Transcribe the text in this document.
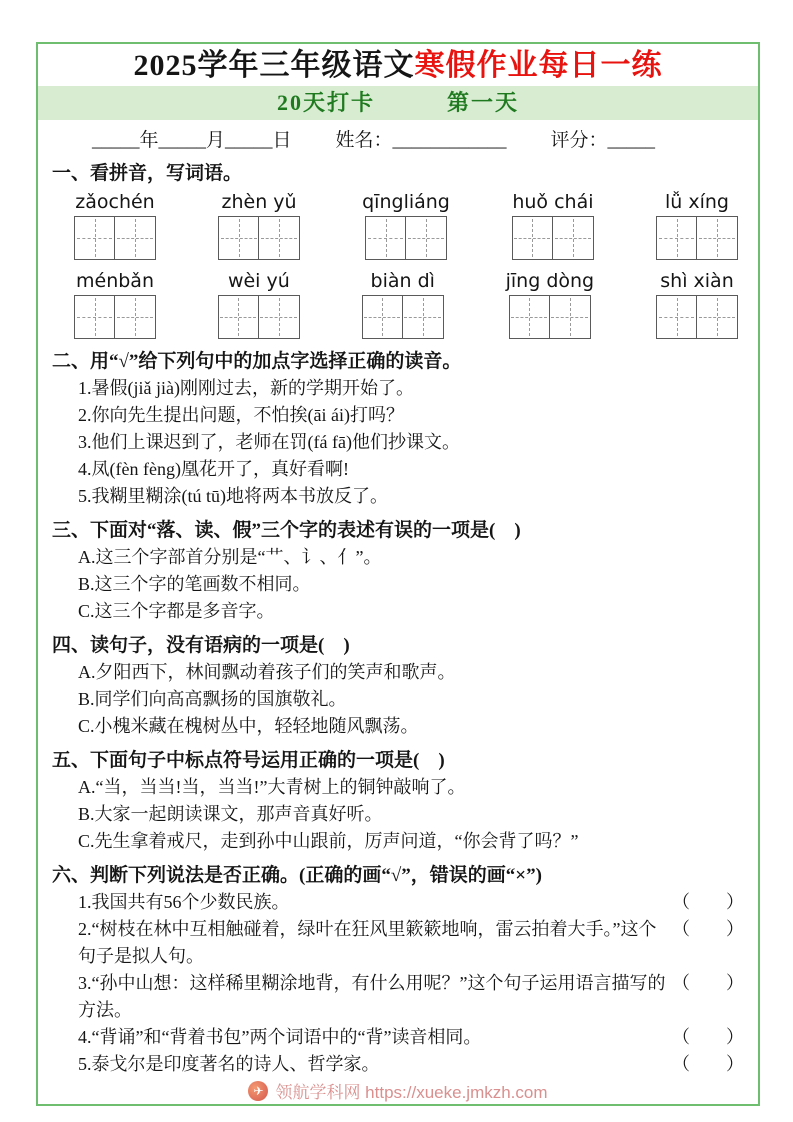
2025学年三年级语文寒假作业每日一练
20天打卡　　　第一天
_____年_____月_____日 姓名：____________ 评分：_____
一、看拼音，写词语。
zǎochén	zhèn yǔ	qīngliáng	huǒ chái	lǚ xíng
ménbǎn	wèi yú	biàn dì	jīng dòng	shì xiàn
二、用“√”给下列句中的加点字选择正确的读音。
1.暑假(jiǎ jià)刚刚过去，新的学期开始了。
2.你向先生提出问题，不怕挨(āi ái)打吗？
3.他们上课迟到了，老师在罚(fá fā)他们抄课文。
4.凤(fèn fèng)凰花开了，真好看啊!
5.我糊里糊涂(tú tū)地将两本书放反了。
三、下面对“落、读、假”三个字的表述有误的一项是(　)
A.这三个字部首分别是“艹、讠、亻”。
B.这三个字的笔画数不相同。
C.这三个字都是多音字。
四、读句子，没有语病的一项是(　)
A.夕阳西下，林间飘动着孩子们的笑声和歌声。
B.同学们向高高飘扬的国旗敬礼。
C.小槐米藏在槐树丛中，轻轻地随风飘荡。
五、下面句子中标点符号运用正确的一项是(　)
A.“当，当当!当，当当!”大青树上的铜钟敲响了。
B.大家一起朗读课文，那声音真好听。
C.先生拿着戒尺，走到孙中山跟前，厉声问道，“你会背了吗？”
六、判断下列说法是否正确。(正确的画“√”，错误的画“×”)
1.我国共有56个少数民族。	（　　）
2.“树枝在林中互相触碰着，绿叶在狂风里簌簌地响，雷云拍着大手。”这个句子是拟人句。
（　　）
3.“孙中山想：这样稀里糊涂地背，有什么用呢？”这个句子运用语言描写的方法。
（　　）
4.“背诵”和“背着书包”两个词语中的“背”读音相同。	（　　）
5.泰戈尔是印度著名的诗人、哲学家。	（　　）
✈ 领航学科网 https://xueke.jmkzh.com
